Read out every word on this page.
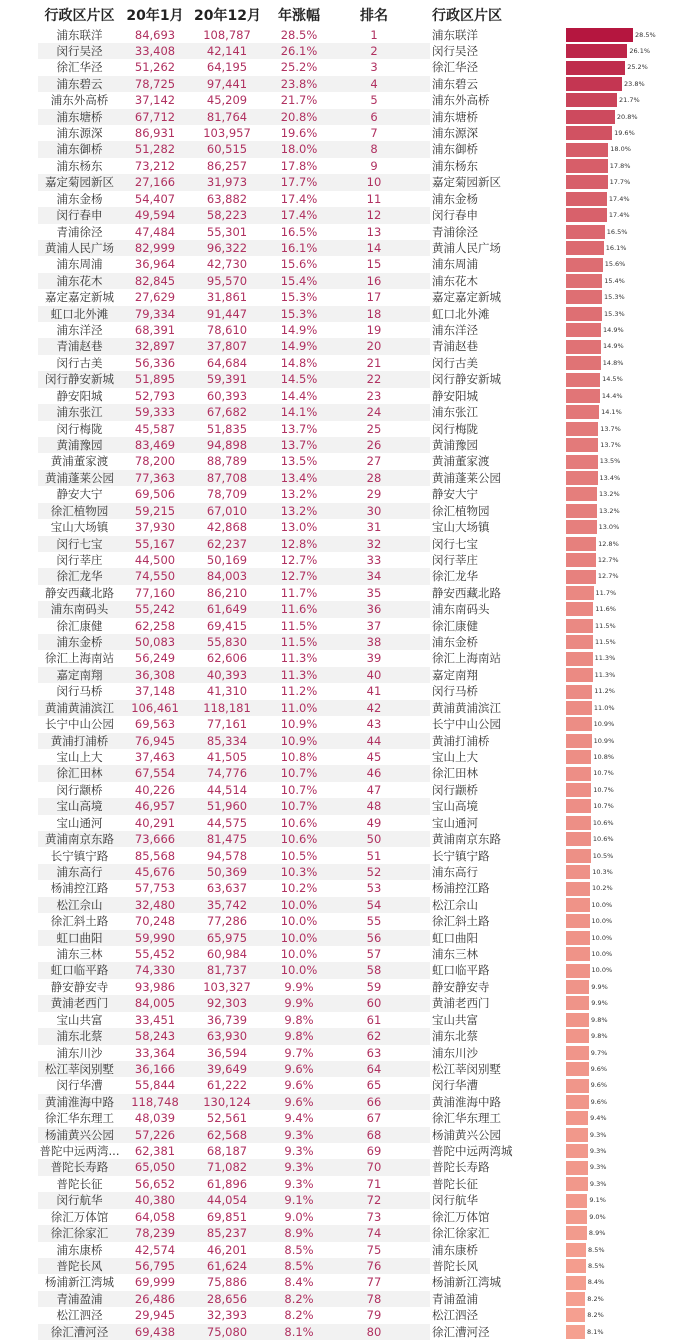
行政区片区 20年1月 20年12月	年涨幅	排名	行政区片区
浦东联洋	84,693	108,787	28.5%	1	浦东联洋	28.5%
闵行吴泾	33,408	42,141	26.1%	2	闵行吴泾	26.1%
徐汇华泾	51,262	64,195	25.2%	3	徐汇华泾	25.2%
浦东碧云	78,725	97,441	23.8%	4	浦东碧云	23.8%
浦东外高桥	37,142	45,209	21.7%	5	浦东外高桥	21.7%
浦东塘桥	67,712	81,764	20.8%	6	浦东塘桥	20.8%
浦东源深	86,931	103,957	19.6%	7	浦东源深	19.6%
浦东御桥	51,282	60,515	18.0%	8	浦东御桥	18.0%
浦东杨东	73,212	86,257	17.8%	9	浦东杨东	17.8%
嘉定菊园新区	27,166	31,973	17.7%	10	嘉定菊园新区	17.7%
浦东金杨	54,407	63,882	17.4%	11	浦东金杨	17.4%
闵行春申	49,594	58,223	17.4%	12	闵行春申	17.4%
青浦徐泾	47,484	55,301	16.5%	13	青浦徐泾	16.5%
黄浦人民广场	82,999	96,322	16.1%	14	黄浦人民广场	16.1%
浦东周浦	36,964	42,730	15.6%	15	浦东周浦	15.6%
浦东花木	82,845	95,570	15.4%	16	浦东花木	15.4%
嘉定嘉定新城	27,629	31,861	15.3%	17	嘉定嘉定新城	15.3%
虹口北外滩	79,334	91,447	15.3%	18	虹口北外滩	15.3%
浦东洋泾	68,391	78,610	14.9%	19	浦东洋泾	14.9%
青浦赵巷	32,897	37,807	14.9%	20	青浦赵巷	14.9%
闵行古美	56,336	64,684	14.8%	21	闵行古美	14.8%
闵行静安新城	51,895	59,391	14.5%	22	闵行静安新城	14.5%
静安阳城	52,793	60,393	14.4%	23	静安阳城	14.4%
浦东张江	59,333	67,682	14.1%	24	浦东张江	14.1%
闵行梅陇	45,587	51,835	13.7%	25	闵行梅陇	13.7%
黄浦豫园	83,469	94,898	13.7%	26	黄浦豫园	13.7%
黄浦董家渡	78,200	88,789	13.5%	27	黄浦董家渡	13.5%
黄浦蓬莱公园	77,363	87,708	13.4%	28	黄浦蓬莱公园	13.4%
静安大宁	69,506	78,709	13.2%	29	静安大宁	13.2%
徐汇植物园	59,215	67,010	13.2%	30	徐汇植物园	13.2%
宝山大场镇	37,930	42,868	13.0%	31	宝山大场镇	13.0%
闵行七宝	55,167	62,237	12.8%	32	闵行七宝	12.8%
闵行莘庄	44,500	50,169	12.7%	33	闵行莘庄	12.7%
徐汇龙华	74,550	84,003	12.7%	34	徐汇龙华	12.7%
静安西藏北路	77,160	86,210	11.7%	35	静安西藏北路	11.7%
浦东南码头	55,242	61,649	11.6%	36	浦东南码头	11.6%
徐汇康健	62,258	69,415	11.5%	37	徐汇康健	11.5%
浦东金桥	50,083	55,830	11.5%	38	浦东金桥	11.5%
徐汇上海南站	56,249	62,606	11.3%	39	徐汇上海南站	11.3%
嘉定南翔	36,308	40,393	11.3%	40	嘉定南翔	11.3%
闵行马桥	37,148	41,310	11.2%	41	闵行马桥	11.2%
黄浦黄浦滨江	106,461	118,181	11.0%	42	黄浦黄浦滨江	11.0%
长宁中山公园	69,563	77,161	10.9%	43	长宁中山公园	10.9%
黄浦打浦桥	76,945	85,334	10.9%	44	黄浦打浦桥	10.9%
宝山上大	37,463	41,505	10.8%	45	宝山上大	10.8%
徐汇田林	67,554	74,776	10.7%	46	徐汇田林	10.7%
闵行颛桥	40,226	44,514	10.7%	47	闵行颛桥	10.7%
宝山高境	46,957	51,960	10.7%	48	宝山高境	10.7%
宝山通河	40,291	44,575	10.6%	49	宝山通河	10.6%
黄浦南京东路	73,666	81,475	10.6%	50	黄浦南京东路	10.6%
长宁镇宁路	85,568	94,578	10.5%	51	长宁镇宁路	10.5%
浦东高行	45,676	50,369	10.3%	52	浦东高行	10.3%
杨浦控江路	57,753	63,637	10.2%	53	杨浦控江路	10.2%
松江佘山	32,480	35,742	10.0%	54	松江佘山	10.0%
徐汇斜土路	70,248	77,286	10.0%	55	徐汇斜土路	10.0%
虹口曲阳	59,990	65,975	10.0%	56	虹口曲阳	10.0%
浦东三林	55,452	60,984	10.0%	57	浦东三林	10.0%
虹口临平路	74,330	81,737	10.0%	58	虹口临平路	10.0%
静安静安寺	93,986	103,327	9.9%	59	静安静安寺	9.9%
黄浦老西门	84,005	92,303	9.9%	60	黄浦老西门	9.9%
宝山共富	33,451	36,739	9.8%	61	宝山共富	9.8%
浦东北蔡	58,243	63,930	9.8%	62	浦东北蔡	9.8%
浦东川沙	33,364	36,594	9.7%	63	浦东川沙	9.7%
松江莘闵别墅	36,166	39,649	9.6%	64	松江莘闵别墅	9.6%
闵行华漕	55,844	61,222	9.6%	65	闵行华漕	9.6%
黄浦淮海中路	118,748	130,124	9.6%	66	黄浦淮海中路	9.6%
徐汇华东理工	48,039	52,561	9.4%	67	徐汇华东理工	9.4%
杨浦黄兴公园	57,226	62,568	9.3%	68	杨浦黄兴公园	9.3%
普陀中远两湾...	62,381	68,187	9.3%	69	普陀中远两湾城	9.3%
普陀长寿路	65,050	71,082	9.3%	70	普陀长寿路	9.3%
普陀长征	56,652	61,896	9.3%	71	普陀长征	9.3%
闵行航华	40,380	44,054	9.1%	72	闵行航华	9.1%
徐汇万体馆	64,058	69,851	9.0%	73	徐汇万体馆	9.0%
徐汇徐家汇	78,239	85,237	8.9%	74	徐汇徐家汇	8.9%
浦东康桥	42,574	46,201	8.5%	75	浦东康桥	8.5%
普陀长风	56,795	61,624	8.5%	76	普陀长风	8.5%
杨浦新江湾城	69,999	75,886	8.4%	77	杨浦新江湾城	8.4%
青浦盈浦	26,486	28,656	8.2%	78	青浦盈浦	8.2%
松江泗泾	29,945	32,393	8.2%	79	松江泗泾	8.2%
徐汇漕河泾	69,438	75,080	8.1%	80	徐汇漕河泾	8.1%
